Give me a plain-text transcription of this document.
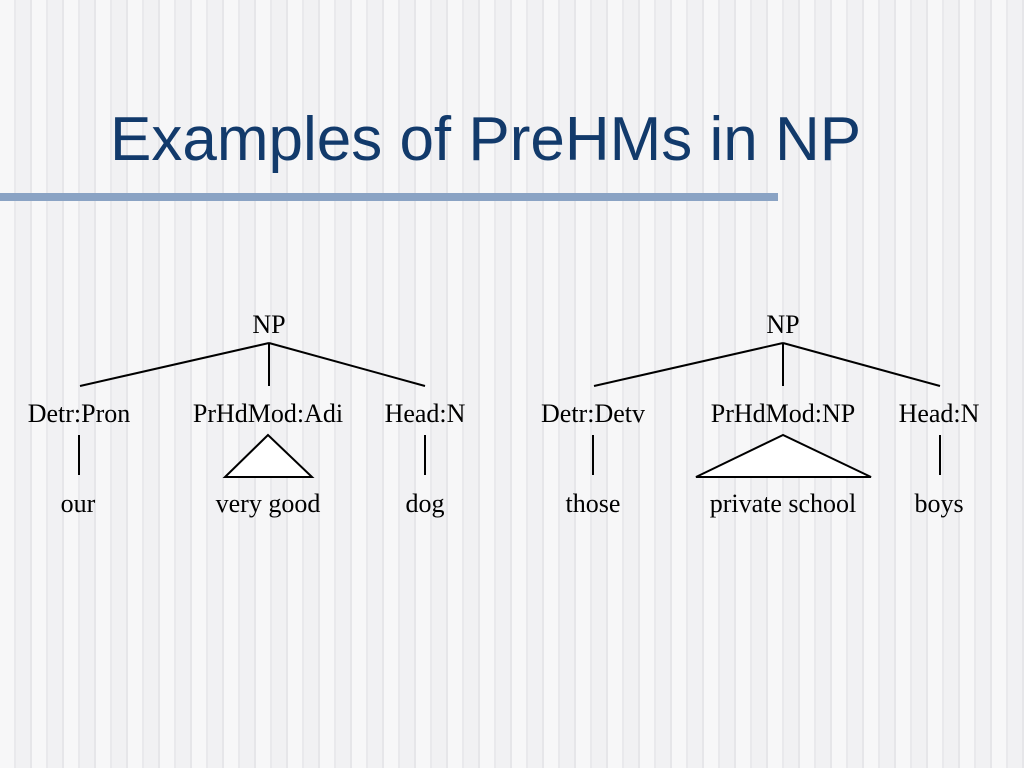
Examples of PreHMs in NP
NP
Detr:Pron PrHdMod:Adi Head:N
our	very good	dog
NP
Detr:Detv	PrHdMod:NP Head:N
those	private school boys
